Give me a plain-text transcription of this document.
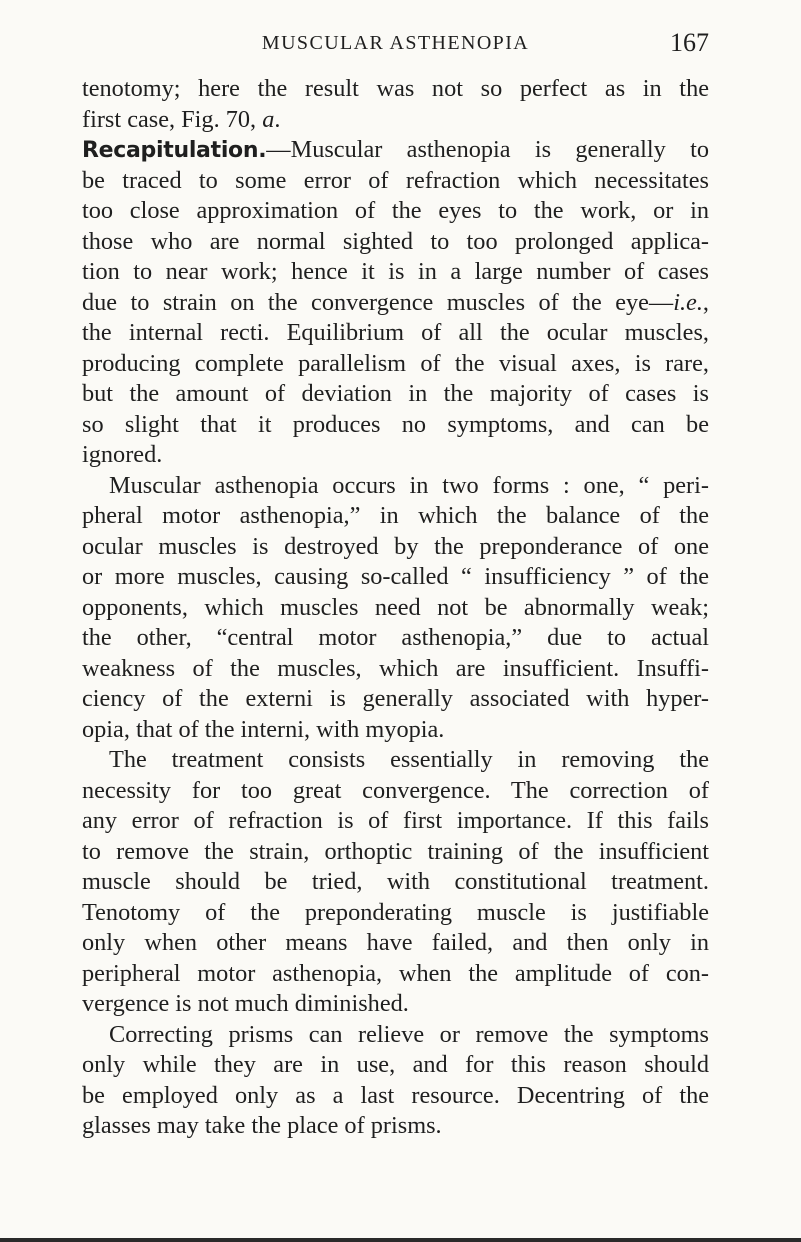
MUSCULAR ASTHENOPIA	167
tenotomy; here the result was not so perfect as in the
first case, Fig. 70, a.
Recapitulation.—Muscular asthenopia is generally to
be traced to some error of refraction which necessitates
too close approximation of the eyes to the work, or in
those who are normal sighted to too prolonged applica-
tion to near work; hence it is in a large number of cases
due to strain on the convergence muscles of the eye—i.e.,
the internal recti. Equilibrium of all the ocular muscles,
producing complete parallelism of the visual axes, is rare,
but the amount of deviation in the majority of cases is
so slight that it produces no symptoms, and can be
ignored.
Muscular asthenopia occurs in two forms : one, “ peri-
pheral motor asthenopia,” in which the balance of the
ocular muscles is destroyed by the preponderance of one
or more muscles, causing so-called “ insufficiency ” of the
opponents, which muscles need not be abnormally weak;
the other, “central motor asthenopia,” due to actual
weakness of the muscles, which are insufficient. Insuffi-
ciency of the externi is generally associated with hyper-
opia, that of the interni, with myopia.
The treatment consists essentially in removing the
necessity for too great convergence. The correction of
any error of refraction is of first importance. If this fails
to remove the strain, orthoptic training of the insufficient
muscle should be tried, with constitutional treatment.
Tenotomy of the preponderating muscle is justifiable
only when other means have failed, and then only in
peripheral motor asthenopia, when the amplitude of con-
vergence is not much diminished.
Correcting prisms can relieve or remove the symptoms
only while they are in use, and for this reason should
be employed only as a last resource. Decentring of the
glasses may take the place of prisms.
